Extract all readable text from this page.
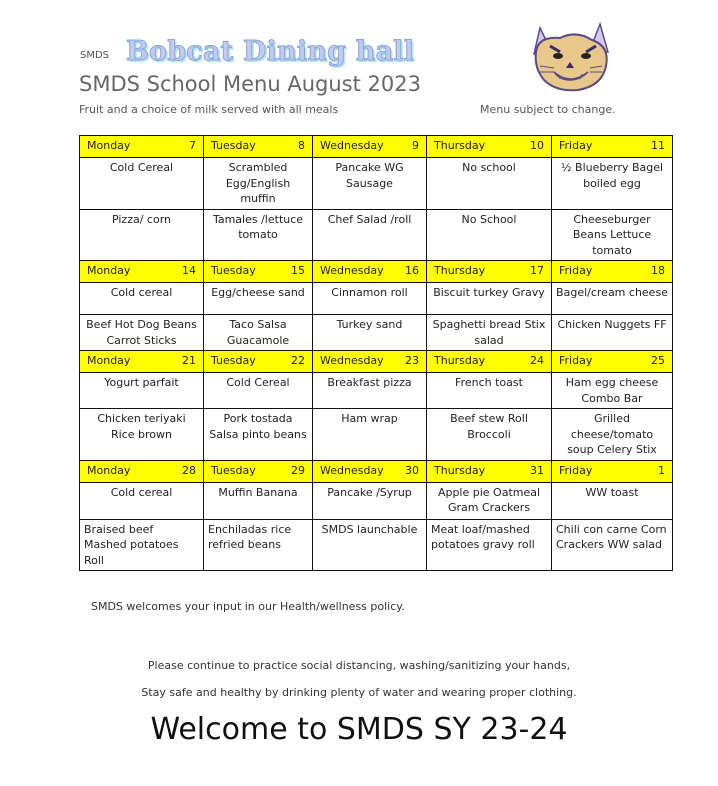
SMDS Bobcat Dining hall
SMDS School Menu August 2023
Fruit and a choice of milk served with all meals	Menu subject to change.
Monday 7	Tuesday 8	Wednesday 9	Thursday 10	Friday 11

Cold Cereal	Scrambled Egg/English muffin	Pancake WG Sausage	No school	½ Blueberry Bagel boiled egg
Pizza/ corn	Tamales /lettuce tomato	Chef Salad /roll	No School	Cheeseburger Beans Lettuce tomato

Monday 14	Tuesday 15	Wednesday 16	Thursday 17	Friday 18

Cold cereal	Egg/cheese sand	Cinnamon roll	Biscuit turkey Gravy	Bagel/cream cheese
Beef Hot Dog Beans Carrot Sticks	Taco Salsa Guacamole	Turkey sand	Spaghetti bread Stix salad	Chicken Nuggets FF

Monday 21	Tuesday 22	Wednesday 23	Thursday 24	Friday 25

Yogurt parfait	Cold Cereal	Breakfast pizza	French toast	Ham egg cheese Combo Bar
Chicken teriyaki Rice brown	Pork tostada Salsa pinto beans	Ham wrap	Beef stew Roll Broccoli	Grilled cheese/tomato soup Celery Stix

Monday 28	Tuesday 29	Wednesday 30	Thursday 31	Friday 1

Cold cereal	Muffin Banana	Pancake /Syrup	Apple pie Oatmeal Gram Crackers	WW toast
Braised beef Mashed potatoes Roll	Enchiladas rice refried beans	SMDS launchable	Meat loaf/mashed potatoes gravy roll	Chili con carne Corn Crackers WW salad
SMDS welcomes your input in our Health/wellness policy.
Please continue to practice social distancing, washing/sanitizing your hands,
Stay safe and healthy by drinking plenty of water and wearing proper clothing.
Welcome to SMDS SY 23-24
